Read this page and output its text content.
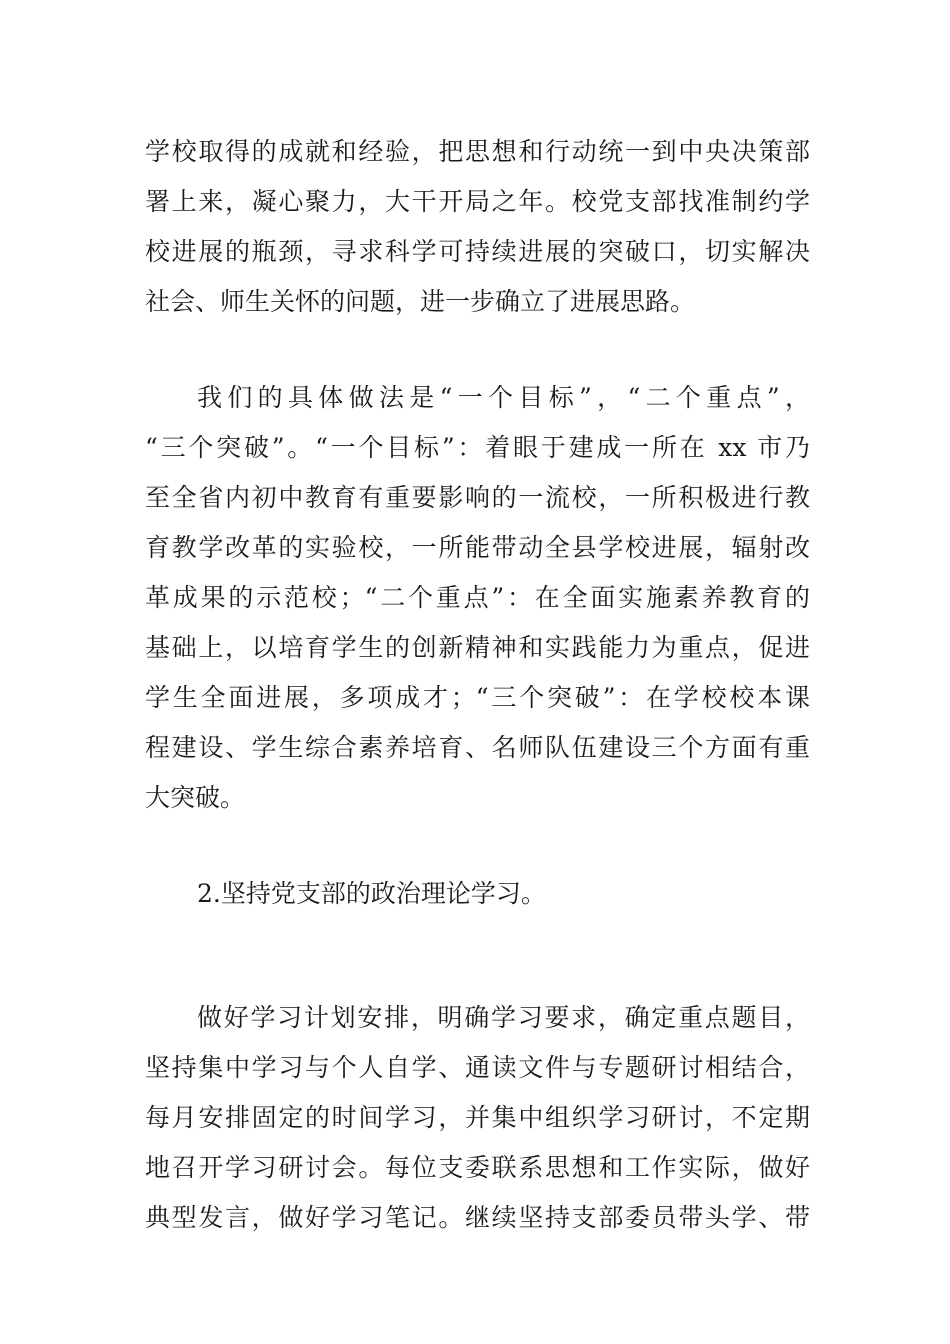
学校取得的成就和经验，把思想和行动统一到中央决策部
署上来，凝心聚力，大干开局之年。校党支部找准制约学
校进展的瓶颈，寻求科学可持续进展的突破口，切实解决
社会、师生关怀的问题，进一步确立了进展思路。
我们的具体做法是“一个目标”，“二个重点”，
“三个突破”。“一个目标”：着眼于建成一所在 xx 市乃
至全省内初中教育有重要影响的一流校，一所积极进行教
育教学改革的实验校，一所能带动全县学校进展，辐射改
革成果的示范校；“二个重点”：在全面实施素养教育的
基础上，以培育学生的创新精神和实践能力为重点，促进
学生全面进展，多项成才；“三个突破”：在学校校本课
程建设、学生综合素养培育、名师队伍建设三个方面有重
大突破。
2.坚持党支部的政治理论学习。
做好学习计划安排，明确学习要求，确定重点题目，
坚持集中学习与个人自学、通读文件与专题研讨相结合，
每月安排固定的时间学习，并集中组织学习研讨，不定期
地召开学习研讨会。每位支委联系思想和工作实际，做好
典型发言，做好学习笔记。继续坚持支部委员带头学、带
